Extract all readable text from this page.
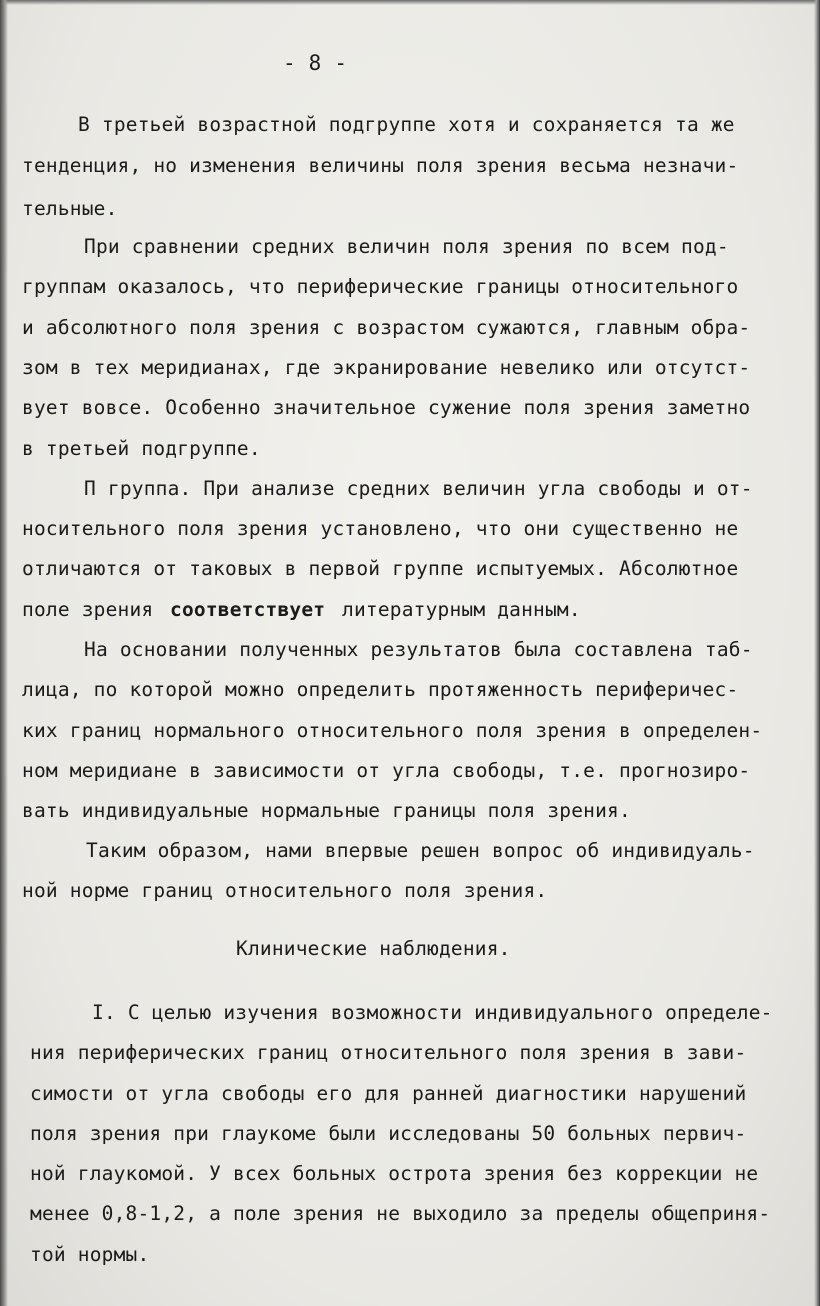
- 8 -
В третьей возрастной подгруппе хотя и сохраняется та же
тенденция, но изменения величины поля зрения весьма незначи-
тельные.
При сравнении средних величин поля зрения по всем под-
группам оказалось, что периферические границы относительного
и абсолютного поля зрения с возрастом сужаются, главным обра-
зом в тех меридианах, где экранирование невелико или отсутст-
вует вовсе. Особенно значительное сужение поля зрения заметно
в третьей подгруппе.
П группа. При анализе средних величин угла свободы и от-
носительного поля зрения установлено, что они существенно не
отличаются от таковых в первой группе испытуемых. Абсолютное
поле зрения соответствует литературным данным.
На основании полученных результатов была составлена таб-
лица, по которой можно определить протяженность периферичес-
ких границ нормального относительного поля зрения в определен-
ном меридиане в зависимости от угла свободы, т.е. прогнозиро-
вать индивидуальные нормальные границы поля зрения.
Таким образом, нами впервые решен вопрос об индивидуаль-
ной норме границ относительного поля зрения.
Клинические наблюдения.
I. С целью изучения возможности индивидуального определе-
ния периферических границ относительного поля зрения в зави-
симости от угла свободы его для ранней диагностики нарушений
поля зрения при глаукоме были исследованы 50 больных первич-
ной глаукомой. У всех больных острота зрения без коррекции не
менее 0,8-1,2, а поле зрения не выходило за пределы общеприня-
той нормы.
